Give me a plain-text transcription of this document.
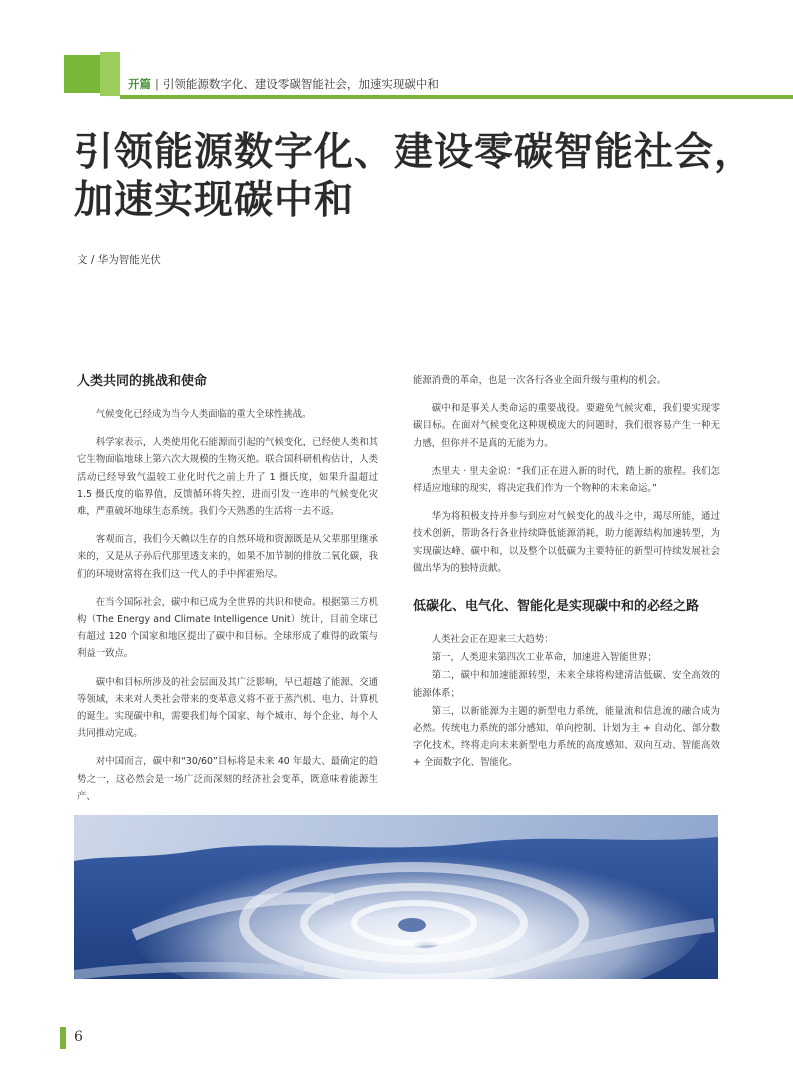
开篇 | 引领能源数字化、建设零碳智能社会，加速实现碳中和
引领能源数字化、建设零碳智能社会，
加速实现碳中和
文 / 华为智能光伏
人类共同的挑战和使命

气候变化已经成为当今人类面临的重大全球性挑战。

科学家表示，人类使用化石能源而引起的气候变化，已经使人类和其它生物面临地球上第六次大规模的生物灭绝。联合国科研机构估计，人类活动已经导致气温较工业化时代之前上升了 1 摄氏度，如果升温超过 1.5 摄氏度的临界值，反馈循环将失控，进而引发一连串的气候变化灾难，严重破坏地球生态系统。我们今天熟悉的生活将一去不返。

客观而言，我们今天赖以生存的自然环境和资源既是从父辈那里继承来的，又是从子孙后代那里透支来的，如果不加节制的排放二氧化碳，我们的环境财富将在我们这一代人的手中挥霍殆尽。

在当今国际社会，碳中和已成为全世界的共识和使命。根据第三方机构（The Energy and Climate Intelligence Unit）统计，目前全球已有超过 120 个国家和地区提出了碳中和目标。全球形成了难得的政策与利益一致点。

碳中和目标所涉及的社会层面及其广泛影响，早已超越了能源、交通等领域，未来对人类社会带来的变革意义将不亚于蒸汽机、电力、计算机的诞生。实现碳中和，需要我们每个国家、每个城市、每个企业、每个人共同推动完成。

对中国而言，碳中和“30/60”目标将是未来 40 年最大、最确定的趋势之一，这必然会是一场广泛而深刻的经济社会变革，既意味着能源生产、

能源消费的革命，也是一次各行各业全面升级与重构的机会。

碳中和是事关人类命运的重要战役。要避免气候灾难，我们要实现零碳目标。在面对气候变化这种规模庞大的问题时，我们很容易产生一种无力感，但你并不是真的无能为力。

杰里夫 · 里夫金说：“我们正在进入新的时代，踏上新的旅程。我们怎样适应地球的现实，将决定我们作为一个物种的未来命运。”

华为将积极支持并参与到应对气候变化的战斗之中，竭尽所能，通过技术创新，帮助各行各业持续降低能源消耗，助力能源结构加速转型，为实现碳达峰、碳中和，以及整个以低碳为主要特征的新型可持续发展社会做出华为的独特贡献。

低碳化、电气化、智能化是实现碳中和的必经之路

人类社会正在迎来三大趋势：

第一，人类迎来第四次工业革命，加速进入智能世界；

第二，碳中和加速能源转型，未来全球将构建清洁低碳、安全高效的能源体系；

第三，以新能源为主题的新型电力系统，能量流和信息流的融合成为必然。传统电力系统的部分感知、单向控制、计划为主 + 自动化、部分数字化技术，终将走向未来新型电力系统的高度感知、双向互动、智能高效 + 全面数字化、智能化。

6
